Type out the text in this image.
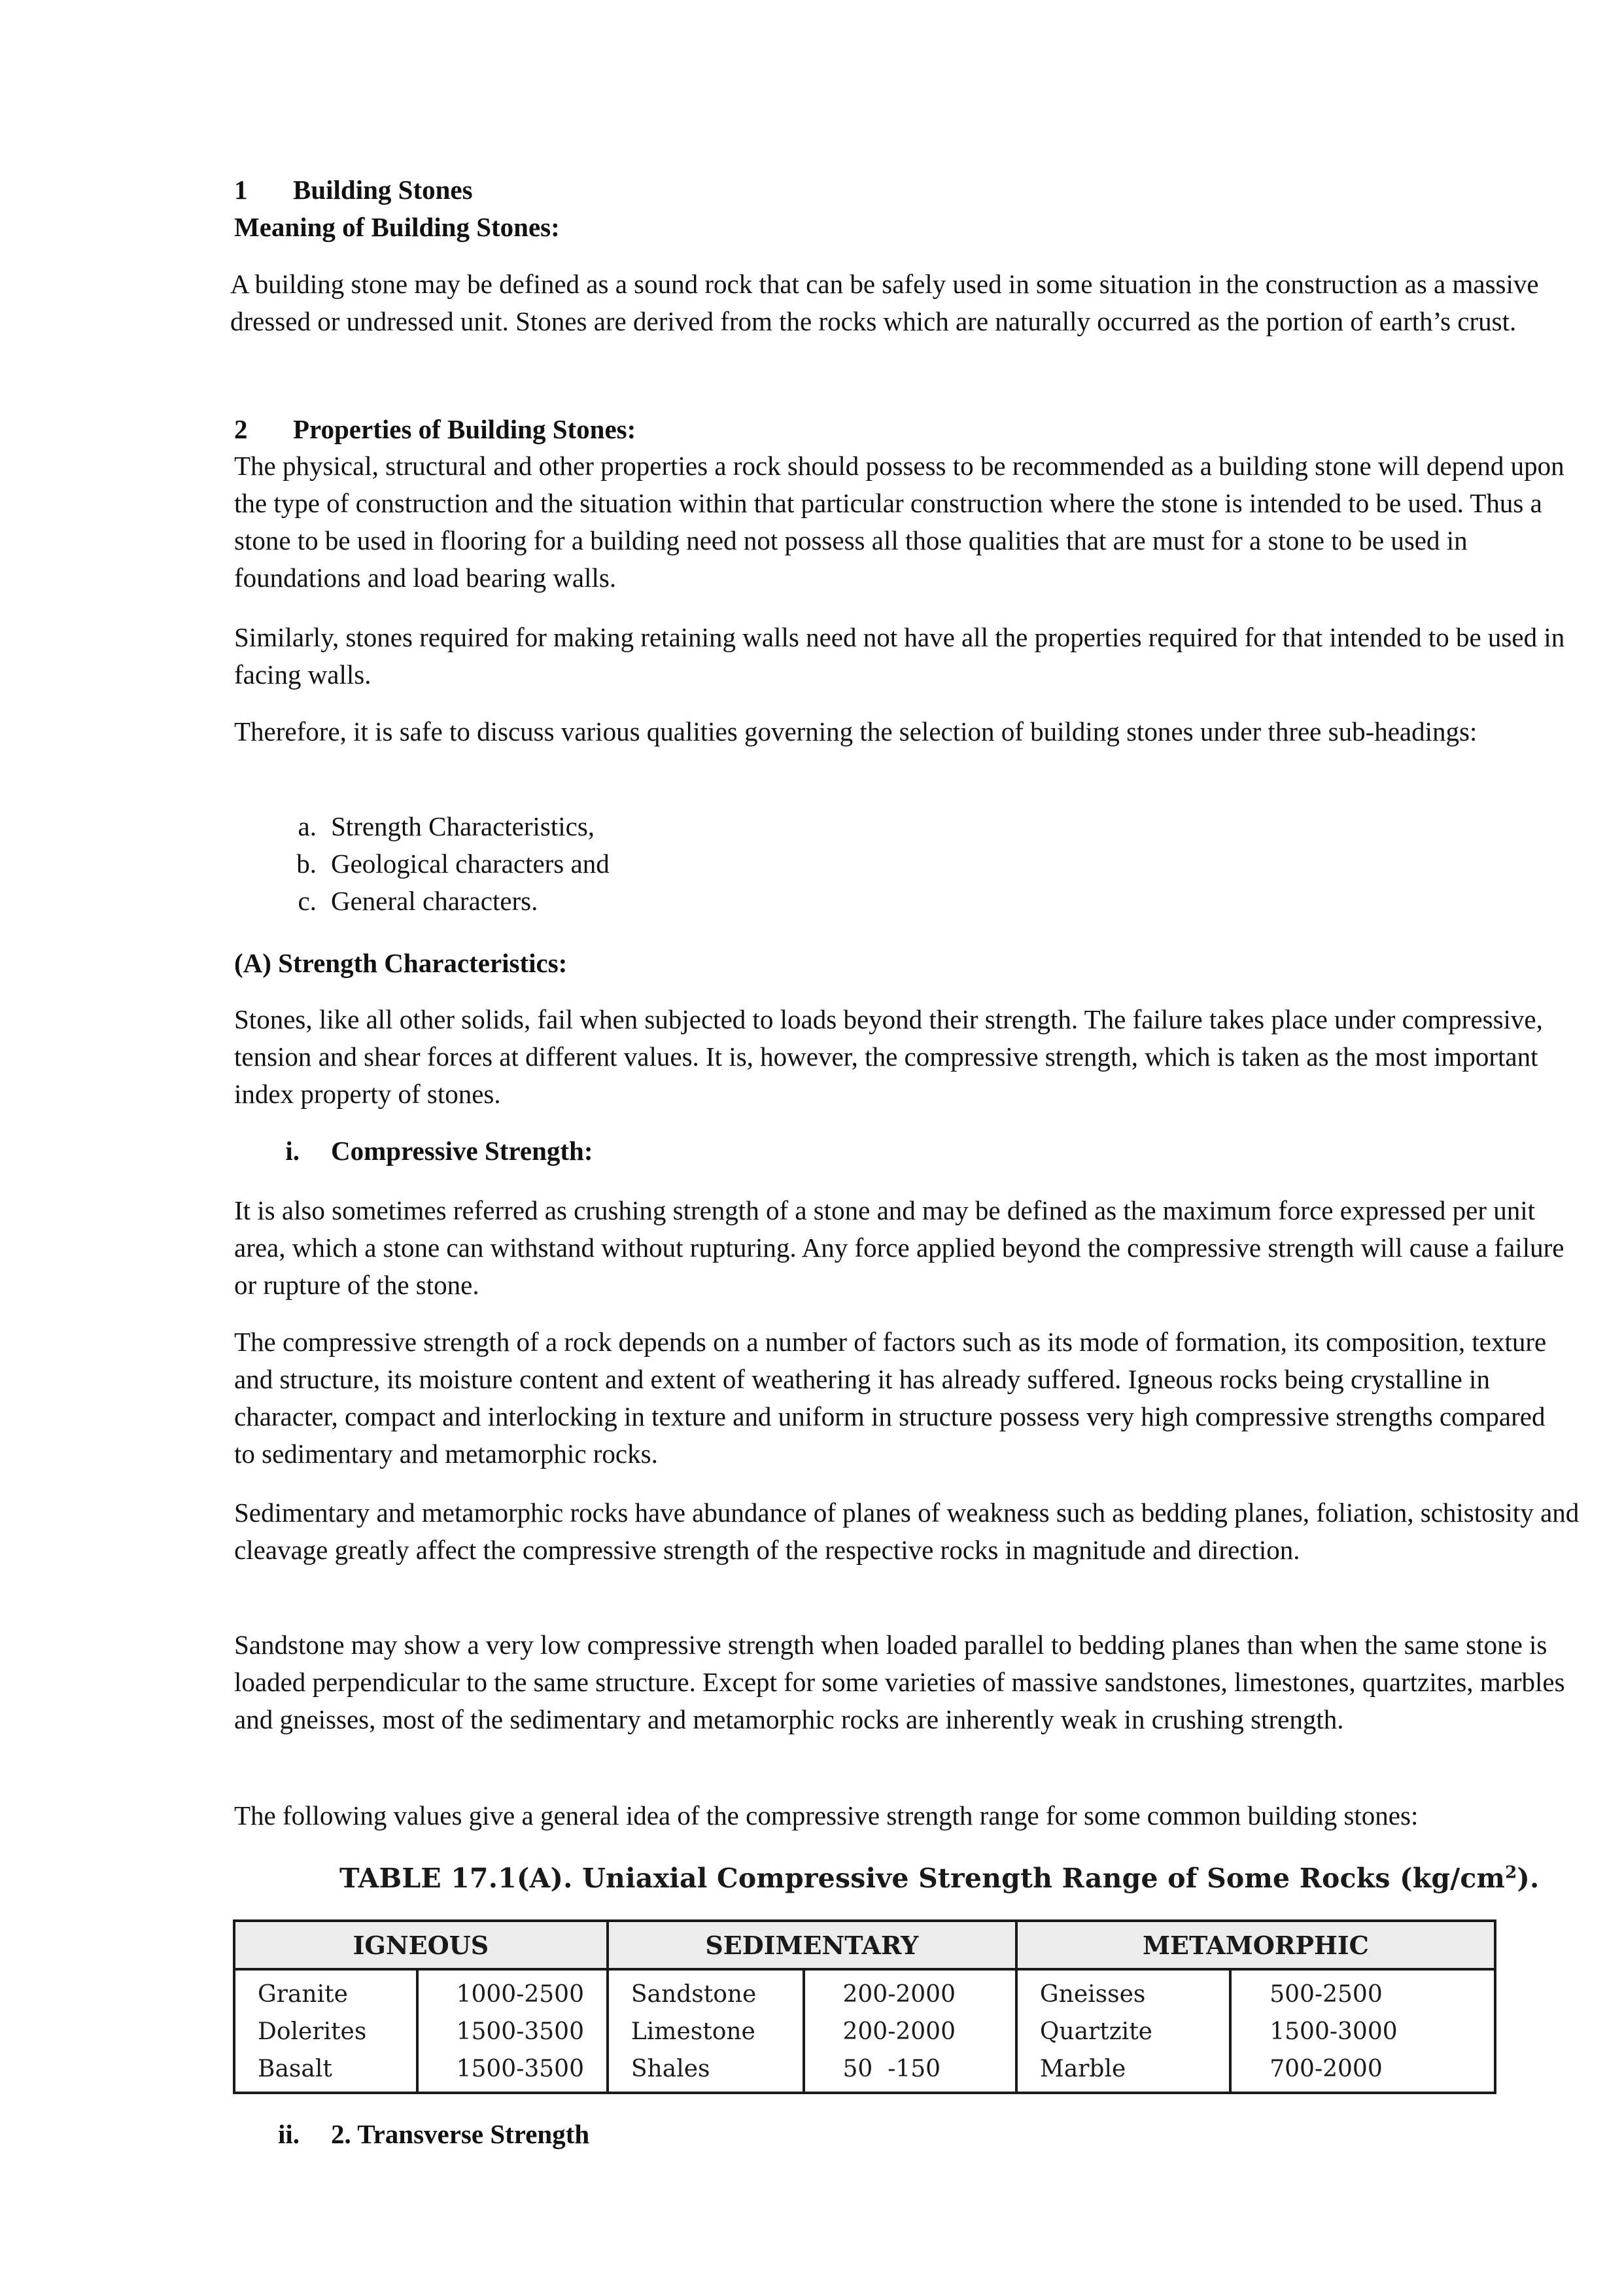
1 Building Stones
Meaning of Building Stones:

A building stone may be defined as a sound rock that can be safely used in some situation in the construction as a massive dressed or undressed unit. Stones are derived from the rocks which are naturally occurred as the portion of earth’s crust.

2 Properties of Building Stones:

The physical, structural and other properties a rock should possess to be recommended as a building stone will depend upon the type of construction and the situation within that particular construction where the stone is intended to be used. Thus a stone to be used in flooring for a building need not possess all those qualities that are must for a stone to be used in foundations and load bearing walls.

Similarly, stones required for making retaining walls need not have all the properties required for that intended to be used in facing walls.

Therefore, it is safe to discuss various qualities governing the selection of building stones under three sub-headings:

a. Strength Characteristics,
b. Geological characters and
c. General characters.
(A) Strength Characteristics:

Stones, like all other solids, fail when subjected to loads beyond their strength. The failure takes place under compressive, tension and shear forces at different values. It is, however, the compressive strength, which is taken as the most important index property of stones.

i. Compressive Strength:

It is also sometimes referred as crushing strength of a stone and may be defined as the maximum force expressed per unit area, which a stone can withstand without rupturing. Any force applied beyond the compressive strength will cause a failure or rupture of the stone.

The compressive strength of a rock depends on a number of factors such as its mode of formation, its composition, texture and structure, its moisture content and extent of weathering it has already suffered. Igneous rocks being crystalline in character, compact and interlocking in texture and uniform in structure possess very high compressive strengths compared to sedimentary and metamorphic rocks.

Sedimentary and metamorphic rocks have abundance of planes of weakness such as bedding planes, foliation, schistosity and cleavage greatly affect the compressive strength of the respective rocks in magnitude and direction.

Sandstone may show a very low compressive strength when loaded parallel to bedding planes than when the same stone is loaded perpendicular to the same structure. Except for some varieties of massive sandstones, limestones, quartzites, marbles and gneisses, most of the sedimentary and metamorphic rocks are inherently weak in crushing strength.

The following values give a general idea of the compressive strength range for some common building stones:

TABLE 17.1(A). Uniaxial Compressive Strength Range of Some Rocks $(kg/cm^2)$.
IGNEOUS		SEDIMENTARY		METAMORPHIC	
Granite	1000-2500	Sandstone	200-2000	Gneisses	500-2500
Dolerites	1500-3500	Limestone	200-2000	Quartzite	1500-3000
Basalt	1500-3500	Shales	50  -150	Marble	700-2000
ii. 2. Transverse Strength
